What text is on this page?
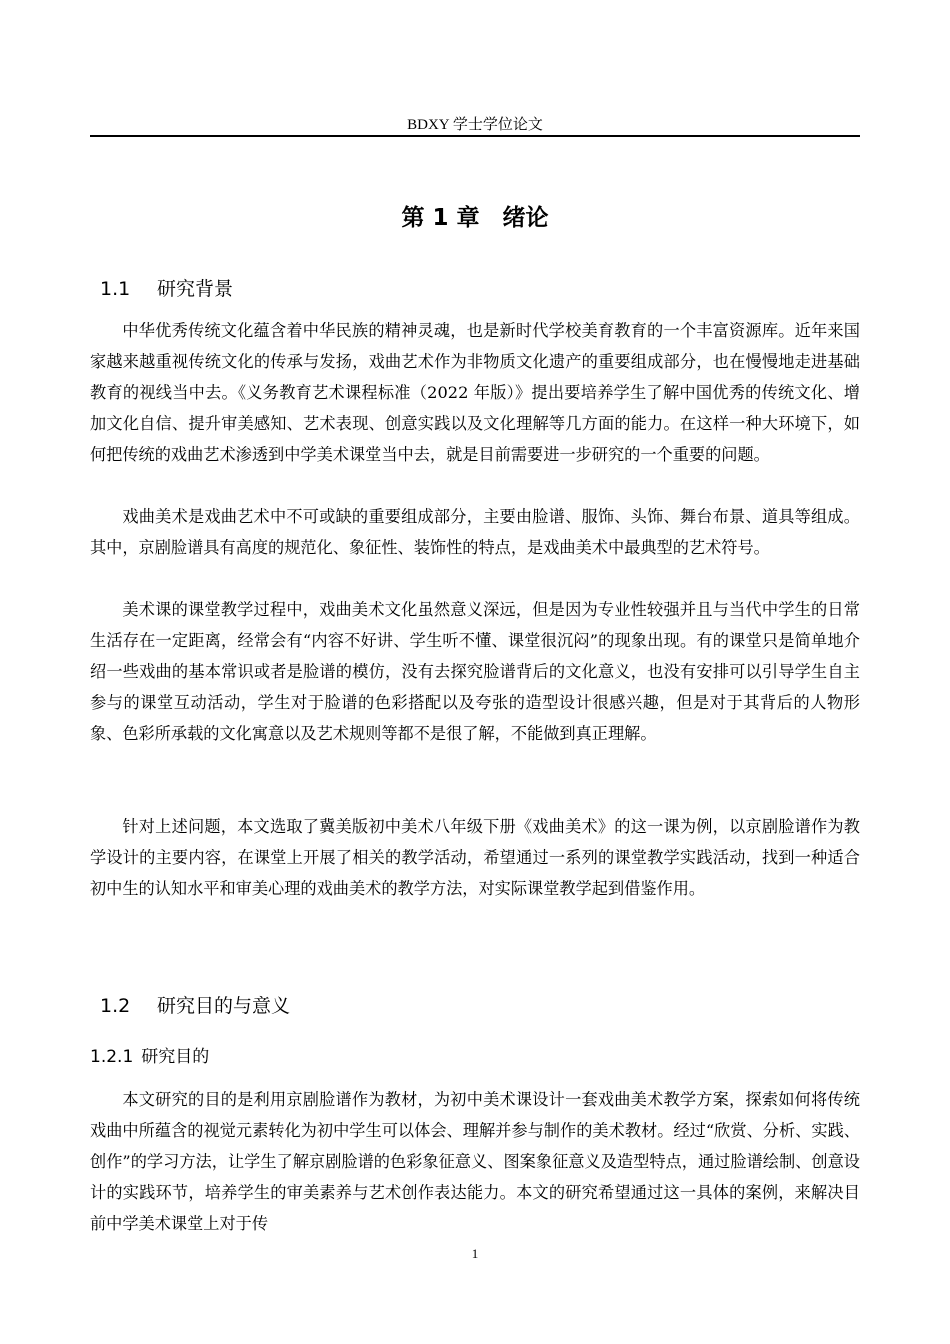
BDXY 学士学位论文
第 1 章　绪论
1.1 研究背景

中华优秀传统文化蕴含着中华民族的精神灵魂，也是新时代学校美育教育的一个丰富资源库。近年来国家越来越重视传统文化的传承与发扬，戏曲艺术作为非物质文化遗产的重要组成部分，也在慢慢地走进基础教育的视线当中去。《义务教育艺术课程标准（2022 年版）》提出要培养学生了解中国优秀的传统文化、增加文化自信、提升审美感知、艺术表现、创意实践以及文化理解等几方面的能力。在这样一种大环境下，如何把传统的戏曲艺术渗透到中学美术课堂当中去，就是目前需要进一步研究的一个重要的问题。

戏曲美术是戏曲艺术中不可或缺的重要组成部分，主要由脸谱、服饰、头饰、舞台布景、道具等组成。其中，京剧脸谱具有高度的规范化、象征性、装饰性的特点，是戏曲美术中最典型的艺术符号。

美术课的课堂教学过程中，戏曲美术文化虽然意义深远，但是因为专业性较强并且与当代中学生的日常生活存在一定距离，经常会有“内容不好讲、学生听不懂、课堂很沉闷”的现象出现。有的课堂只是简单地介绍一些戏曲的基本常识或者是脸谱的模仿，没有去探究脸谱背后的文化意义，也没有安排可以引导学生自主参与的课堂互动活动，学生对于脸谱的色彩搭配以及夸张的造型设计很感兴趣，但是对于其背后的人物形象、色彩所承载的文化寓意以及艺术规则等都不是很了解，不能做到真正理解。

针对上述问题，本文选取了冀美版初中美术八年级下册《戏曲美术》的这一课为例，以京剧脸谱作为教学设计的主要内容，在课堂上开展了相关的教学活动，希望通过一系列的课堂教学实践活动，找到一种适合初中生的认知水平和审美心理的戏曲美术的教学方法，对实际课堂教学起到借鉴作用。

1.2 研究目的与意义
1.2.1 研究目的

本文研究的目的是利用京剧脸谱作为教材，为初中美术课设计一套戏曲美术教学方案，探索如何将传统戏曲中所蕴含的视觉元素转化为初中学生可以体会、理解并参与制作的美术教材。经过“欣赏、分析、实践、创作”的学习方法，让学生了解京剧脸谱的色彩象征意义、图案象征意义及造型特点，通过脸谱绘制、创意设计的实践环节，培养学生的审美素养与艺术创作表达能力。本文的研究希望通过这一具体的案例，来解决目前中学美术课堂上对于传

1
